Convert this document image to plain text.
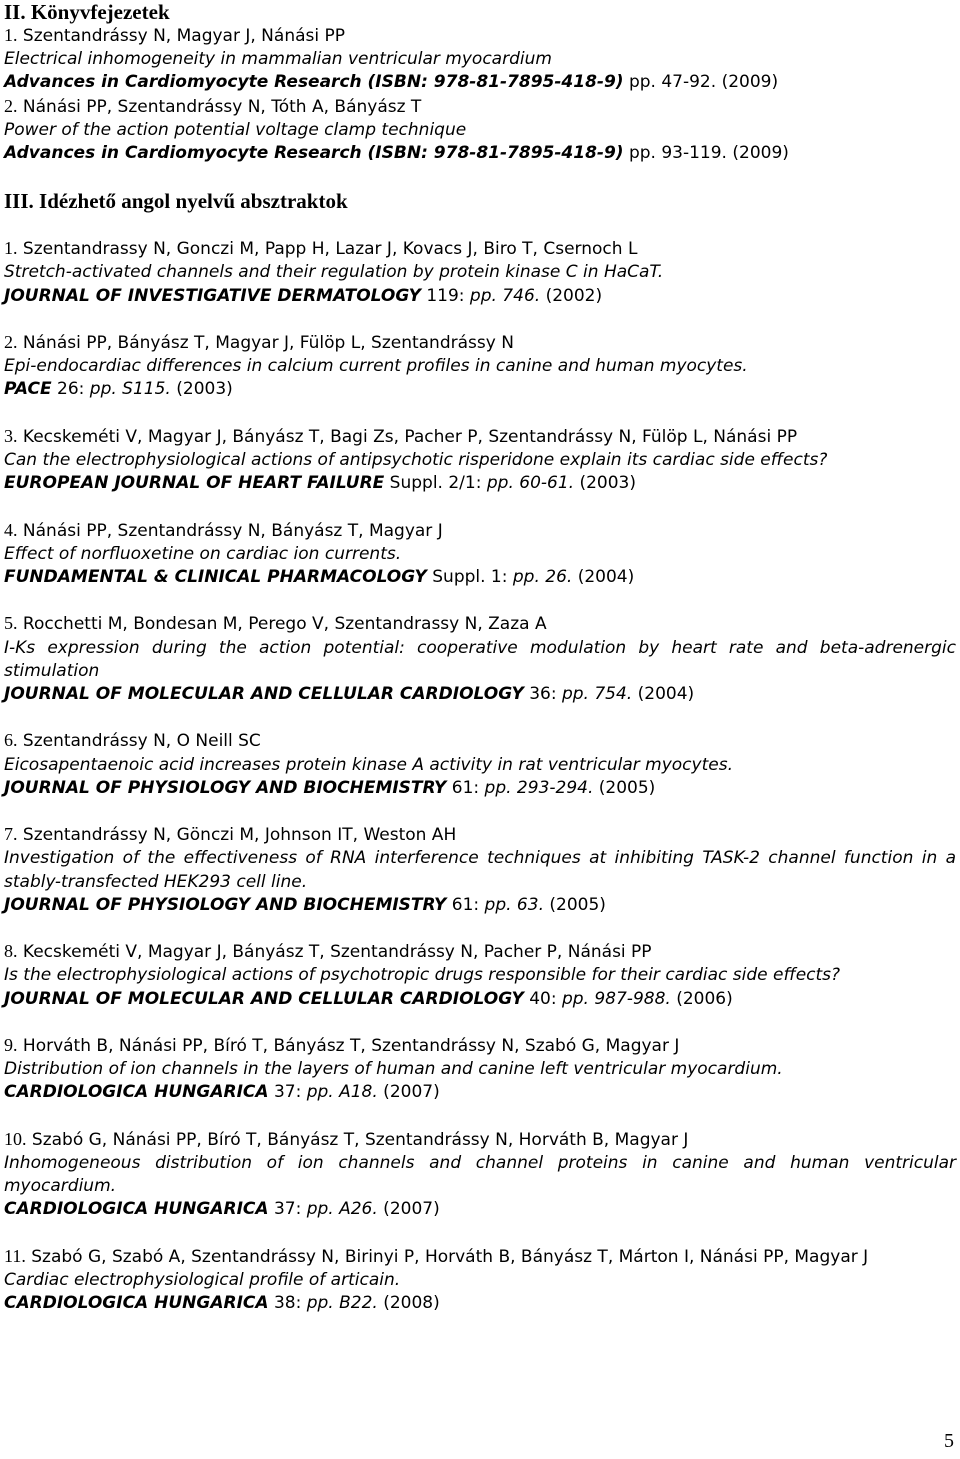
II. Könyvfejezetek
1. Szentandrássy N, Magyar J, Nánási PP
Electrical inhomogeneity in mammalian ventricular myocardium
Advances in Cardiomyocyte Research (ISBN: 978-81-7895-418-9) pp. 47-92. (2009)
2. Nánási PP, Szentandrássy N, Tóth A, Bányász T
Power of the action potential voltage clamp technique
Advances in Cardiomyocyte Research (ISBN: 978-81-7895-418-9) pp. 93-119. (2009)
III. Idézhető angol nyelvű absztraktok
1. Szentandrassy N, Gonczi M, Papp H, Lazar J, Kovacs J, Biro T, Csernoch L
Stretch-activated channels and their regulation by protein kinase C in HaCaT.
JOURNAL OF INVESTIGATIVE DERMATOLOGY 119: pp. 746. (2002)
2. Nánási PP, Bányász T, Magyar J, Fülöp L, Szentandrássy N
Epi-endocardiac differences in calcium current profiles in canine and human myocytes.
PACE 26: pp. S115. (2003)
3. Kecskeméti V, Magyar J, Bányász T, Bagi Zs, Pacher P, Szentandrássy N, Fülöp L, Nánási PP
Can the electrophysiological actions of antipsychotic risperidone explain its cardiac side effects?
EUROPEAN JOURNAL OF HEART FAILURE Suppl. 2/1: pp. 60-61. (2003)
4. Nánási PP, Szentandrássy N, Bányász T, Magyar J
Effect of norfluoxetine on cardiac ion currents.
FUNDAMENTAL & CLINICAL PHARMACOLOGY Suppl. 1: pp. 26. (2004)
5. Rocchetti M, Bondesan M, Perego V, Szentandrassy N, Zaza A
I-Ks expression during the action potential: cooperative modulation by heart rate and beta-adrenergic stimulation
JOURNAL OF MOLECULAR AND CELLULAR CARDIOLOGY 36: pp. 754. (2004)
6. Szentandrássy N, O Neill SC
Eicosapentaenoic acid increases protein kinase A activity in rat ventricular myocytes.
JOURNAL OF PHYSIOLOGY AND BIOCHEMISTRY 61: pp. 293-294. (2005)
7. Szentandrássy N, Gönczi M, Johnson IT, Weston AH
Investigation of the effectiveness of RNA interference techniques at inhibiting TASK-2 channel function in a stably-transfected HEK293 cell line.
JOURNAL OF PHYSIOLOGY AND BIOCHEMISTRY 61: pp. 63. (2005)
8. Kecskeméti V, Magyar J, Bányász T, Szentandrássy N, Pacher P, Nánási PP
Is the electrophysiological actions of psychotropic drugs responsible for their cardiac side effects?
JOURNAL OF MOLECULAR AND CELLULAR CARDIOLOGY 40: pp. 987-988. (2006)
9. Horváth B, Nánási PP, Bíró T, Bányász T, Szentandrássy N, Szabó G, Magyar J
Distribution of ion channels in the layers of human and canine left ventricular myocardium.
CARDIOLOGICA HUNGARICA 37: pp. A18. (2007)
10. Szabó G, Nánási PP, Bíró T, Bányász T, Szentandrássy N, Horváth B, Magyar J
Inhomogeneous distribution of ion channels and channel proteins in canine and human ventricular myocardium.
CARDIOLOGICA HUNGARICA 37: pp. A26. (2007)
11. Szabó G, Szabó A, Szentandrássy N, Birinyi P, Horváth B, Bányász T, Márton I, Nánási PP, Magyar J
Cardiac electrophysiological profile of articain.
CARDIOLOGICA HUNGARICA 38: pp. B22. (2008)
5
